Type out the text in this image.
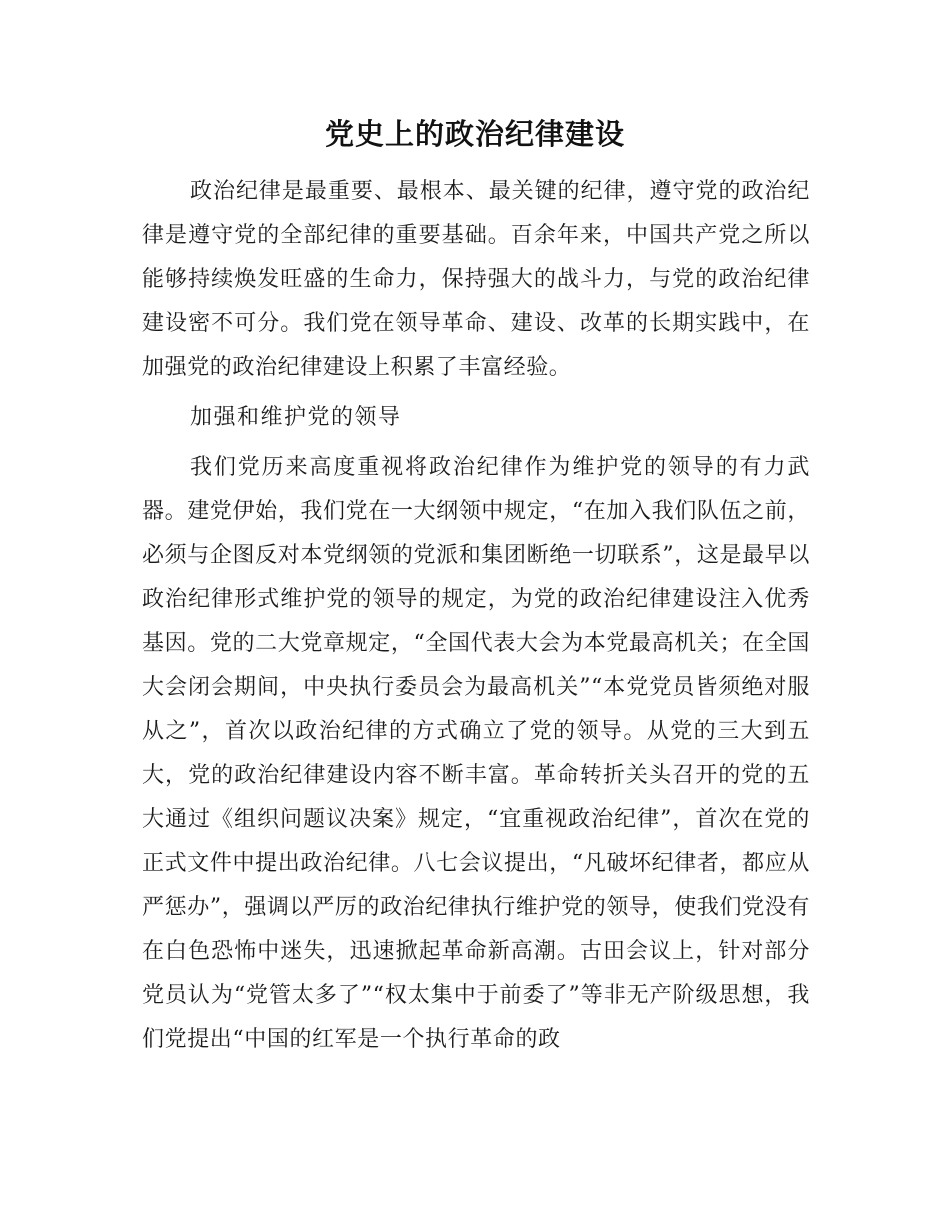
党史上的政治纪律建设

政治纪律是最重要、最根本、最关键的纪律，遵守党的政治纪律是遵守党的全部纪律的重要基础。百余年来，中国共产党之所以能够持续焕发旺盛的生命力，保持强大的战斗力，与党的政治纪律建设密不可分。我们党在领导革命、建设、改革的长期实践中，在加强党的政治纪律建设上积累了丰富经验。

加强和维护党的领导

我们党历来高度重视将政治纪律作为维护党的领导的有力武器。建党伊始，我们党在一大纲领中规定，“在加入我们队伍之前，必须与企图反对本党纲领的党派和集团断绝一切联系”，这是最早以政治纪律形式维护党的领导的规定，为党的政治纪律建设注入优秀基因。党的二大党章规定，“全国代表大会为本党最高机关；在全国大会闭会期间，中央执行委员会为最高机关”“本党党员皆须绝对服从之”，首次以政治纪律的方式确立了党的领导。从党的三大到五大，党的政治纪律建设内容不断丰富。革命转折关头召开的党的五大通过《组织问题议决案》规定，“宜重视政治纪律”，首次在党的正式文件中提出政治纪律。八七会议提出，“凡破坏纪律者，都应从严惩办”，强调以严厉的政治纪律执行维护党的领导，使我们党没有在白色恐怖中迷失，迅速掀起革命新高潮。古田会议上，针对部分党员认为“党管太多了”“权太集中于前委了”等非无产阶级思想，我们党提出“中国的红军是一个执行革命的政
